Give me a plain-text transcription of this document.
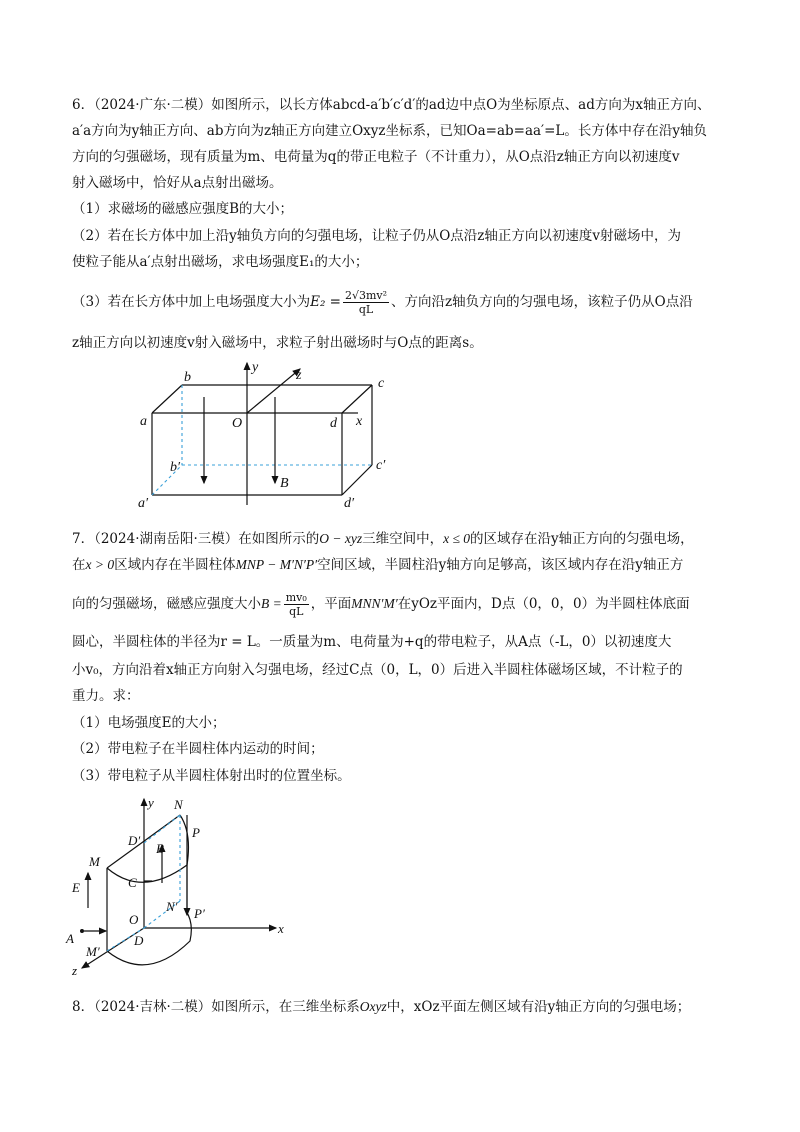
6．（2024·广东·二模）如图所示，以长方体abcd-a′b′c′d′的ad边中点O为坐标原点、ad方向为x轴正方向、
a′a方向为y轴正方向、ab方向为z轴正方向建立Oxyz坐标系，已知Oa=ab=aa′=L。长方体中存在沿y轴负
方向的匀强磁场，现有质量为m、电荷量为q的带正电粒子（不计重力），从O点沿z轴正方向以初速度v
射入磁场中，恰好从a点射出磁场。
（1）求磁场的磁感应强度B的大小；
（2）若在长方体中加上沿y轴负方向的匀强电场，让粒子仍从O点沿z轴正方向以初速度v射磁场中，为
使粒子能从a′点射出磁场，求电场强度E₁的大小；
（3）若在长方体中加上电场强度大小为$E_2 = \frac{\text{2√3mv²}}{qL}$ 、方向沿z轴负方向的匀强电场，该粒子仍从O点沿
z轴正方向以初速度v射入磁场中，求粒子射出磁场时与O点的距离s。
a
b	c
d
O	x
y
z
a′
b′	c′
d′
B
7．（2024·湖南岳阳·三模）在如图所示的O − xyz三维空间中，x ≤ 0的区域存在沿y轴正方向的匀强电场，
在x > 0区域内存在半圆柱体MNP − M′N′P′空间区域，半圆柱沿y轴方向足够高，该区域内存在沿y轴正方
向的匀强磁场，磁感应强度大小$B = \frac{\text{mv₀}}{qL}$ ，平面MNN′M′在yOz平面内，D点（0，0，0）为半圆柱体底面
圆心，半圆柱体的半径为r = L。一质量为m、电荷量为+q的带电粒子，从A点（-L，0）以初速度大
小v₀，方向沿着x轴正方向射入匀强电场，经过C点（0，L，0）后进入半圆柱体磁场区域，不计粒子的
重力。求：
（1）电场强度E的大小；
（2）带电粒子在半圆柱体内运动的时间；
（3）带电粒子从半圆柱体射出时的位置坐标。
y N
D′
P
M
B
E	C
N′
O	P′
A	D
M′
x
z
8．（2024·吉林·二模）如图所示，在三维坐标系Oxyz中，xOz平面左侧区域有沿y轴正方向的匀强电场；
